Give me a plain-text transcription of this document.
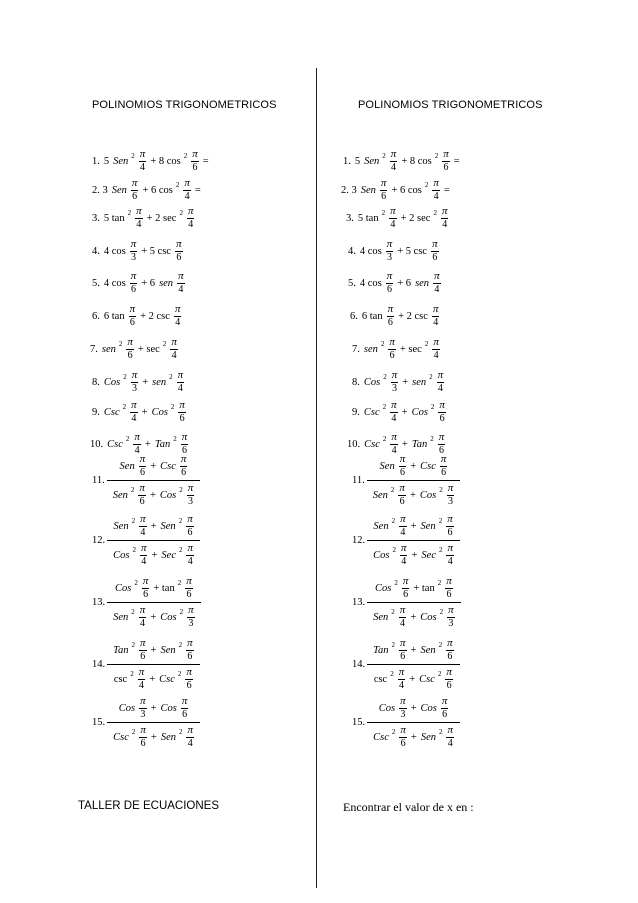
POLINOMIOS TRIGONOMETRICOS	POLINOMIOS TRIGONOMETRICOS
1. 5 Sen $2 \frac{\pi}{4} + 8$ $\cos 2 \frac{\pi}{6}$ =
2. 3 Sen $\frac{\pi}{6} + 6$ $\cos 2 \frac{\pi}{4}$ =
3. 5 $\tan 2 \frac{\pi}{4} + 2$ $\sec 2 \frac{\pi}{4}$
4. 4 $\cos \frac{\pi}{3} + 5$ $\csc \frac{\pi}{6}$
5. 4 $\cos \frac{\pi}{6} + 6$ sen $\frac{\pi}{4}$
6. 6 $\tan \frac{\pi}{6} + 2$ $\csc \frac{\pi}{4}$
7. sen $2 \frac{\pi}{6} + \sec 2 \frac{\pi}{4}$
8. Cos $2 \frac{\pi}{3}$ + sen $2 \frac{\pi}{4}$
9. Csc $2 \frac{\pi}{4}$ + Cos $2 \frac{\pi}{6}$
10. Csc $2 \frac{\pi}{4}$ + Tan $2 \frac{\pi}{6}$
11.
Sen $\frac{\pi}{6}$ + Csc $\frac{\pi}{6}$
Sen $2 \frac{\pi}{6}$ + Cos $2 \frac{\pi}{3}$
12.
Sen $2 \frac{\pi}{4}$ + Sen $2 \frac{\pi}{6}$
Cos $2 \frac{\pi}{4}$ + Sec $2 \frac{\pi}{4}$
13.
Cos $2 \frac{\pi}{6} + \tan 2 \frac{\pi}{6}$
Sen $2 \frac{\pi}{4}$ + Cos $2 \frac{\pi}{3}$
14.
Tan $2 \frac{\pi}{6}$ + Sen $2 \frac{\pi}{6}$
$\csc 2 \frac{\pi}{4}$ + Csc $2 \frac{\pi}{6}$
15.
Cos $\frac{\pi}{3}$ + Cos $\frac{\pi}{6}$
Csc $2 \frac{\pi}{6}$ + Sen $2 \frac{\pi}{4}$
1. 5 Sen $2 \frac{\pi}{4} + 8$ $\cos 2 \frac{\pi}{6}$ =
2. 3 Sen $\frac{\pi}{6} + 6$ $\cos 2 \frac{\pi}{4}$ =
3. 5 $\tan 2 \frac{\pi}{4} + 2$ $\sec 2 \frac{\pi}{4}$
4. 4 $\cos \frac{\pi}{3} + 5$ $\csc \frac{\pi}{6}$
5. 4 $\cos \frac{\pi}{6} + 6$ sen $\frac{\pi}{4}$
6. 6 $\tan \frac{\pi}{6} + 2$ $\csc \frac{\pi}{4}$
7. sen $2 \frac{\pi}{6} + \sec 2 \frac{\pi}{4}$
8. Cos $2 \frac{\pi}{3}$ + sen $2 \frac{\pi}{4}$
9. Csc $2 \frac{\pi}{4}$ + Cos $2 \frac{\pi}{6}$
10. Csc $2 \frac{\pi}{4}$ + Tan $2 \frac{\pi}{6}$
11.
Sen $\frac{\pi}{6}$ + Csc $\frac{\pi}{6}$
Sen $2 \frac{\pi}{6}$ + Cos $2 \frac{\pi}{3}$
12.
Sen $2 \frac{\pi}{4}$ + Sen $2 \frac{\pi}{6}$
Cos $2 \frac{\pi}{4}$ + Sec $2 \frac{\pi}{4}$
13.
Cos $2 \frac{\pi}{6} + \tan 2 \frac{\pi}{6}$
Sen $2 \frac{\pi}{4}$ + Cos $2 \frac{\pi}{3}$
14.
Tan $2 \frac{\pi}{6}$ + Sen $2 \frac{\pi}{6}$
$\csc 2 \frac{\pi}{4}$ + Csc $2 \frac{\pi}{6}$
15.
Cos $\frac{\pi}{3}$ + Cos $\frac{\pi}{6}$
Csc $2 \frac{\pi}{6}$ + Sen $2 \frac{\pi}{4}$
TALLER DE ECUACIONES	Encontrar el valor de x en :
